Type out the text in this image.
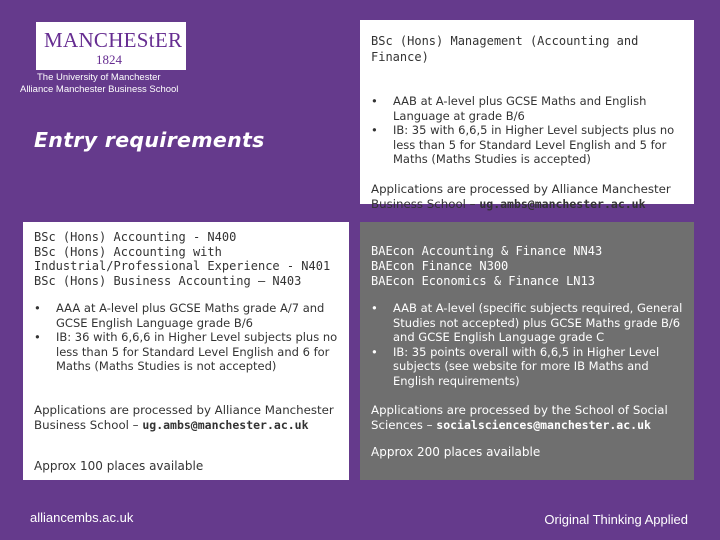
MANCHEStER
1824
The University of Manchester
Alliance Manchester Business School
Entry requirements
BSc (Hons) Management (Accounting and Finance)
• AAB at A-level plus GCSE Maths and English Language at grade B/6
• IB: 35 with 6,6,5 in Higher Level subjects plus no less than 5 for Standard Level English and 5 for Maths (Maths Studies is accepted)
Applications are processed by Alliance Manchester Business School – ug.ambs@manchester.ac.uk
BSc (Hons) Accounting - N400
BSc (Hons) Accounting with Industrial/Professional Experience - N401
BSc (Hons) Business Accounting – N403
• AAA at A-level plus GCSE Maths grade A/7 and GCSE English Language grade B/6
• IB: 36 with 6,6,6 in Higher Level subjects plus no less than 5 for Standard Level English and 6 for Maths (Maths Studies is not accepted)
Applications are processed by Alliance Manchester Business School – ug.ambs@manchester.ac.uk
Approx 100 places available
BAEcon Accounting & Finance NN43
BAEcon Finance N300
BAEcon Economics & Finance LN13
• AAB at A-level (specific subjects required, General Studies not accepted) plus GCSE Maths grade B/6 and GCSE English Language grade C
• IB: 35 points overall with 6,6,5 in Higher Level subjects (see website for more IB Maths and English requirements)
Applications are processed by the School of Social Sciences – socialsciences@manchester.ac.uk
Approx 200 places available
alliancembs.ac.uk	Original Thinking Applied
